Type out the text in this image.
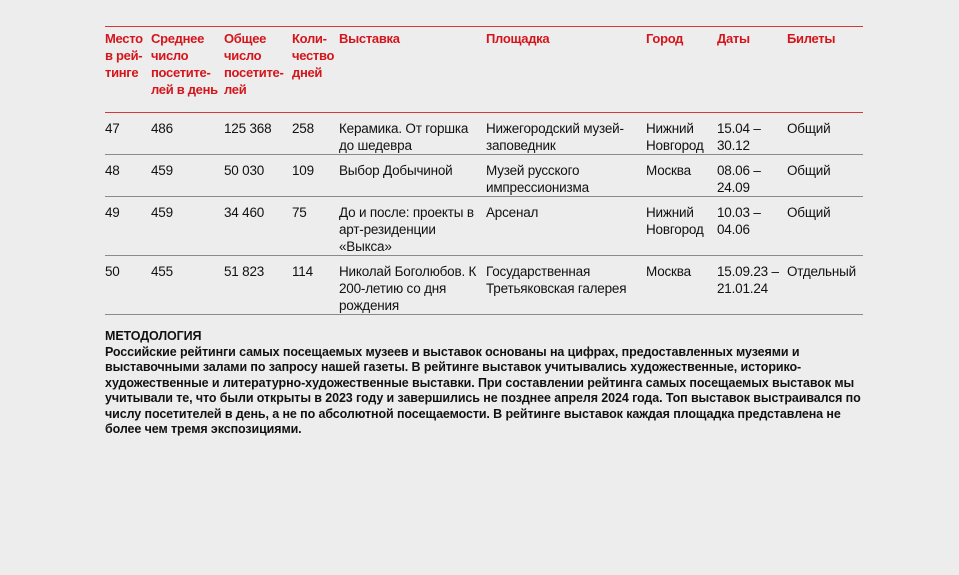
Место в рей-тинге	Среднее число посетите-лей в день	Общее число посетите-лей	Коли-чество дней	Выставка	Площадка	Город	Даты	Билеты
47	486	125 368	258	Керамика. От горшка до шедевра	Нижегородский музей-заповедник	Нижний Новгород	15.04 – 30.12	Общий
48	459	50 030	109	Выбор Добычиной	Музей русского импрессионизма	Москва	08.06 – 24.09	Общий
49	459	34 460	75	До и после: проекты в арт-резиденции «Выкса»	Арсенал	Нижний Новгород	10.03 – 04.06	Общий
50	455	51 823	114	Николай Боголюбов. К 200-летию со дня рождения	Государственная Третьяковская галерея	Москва	15.09.23 – 21.01.24	Отдельный
МЕТОДОЛОГИЯ
Российские рейтинги самых посещаемых музеев и выставок основаны на цифрах, предоставленных музеями и выставочными залами по запросу нашей газеты. В рейтинге выставок учитывались художественные, историко-художественные и литературно-художественные выставки. При составлении рейтинга самых посещаемых выставок мы учитывали те, что были открыты в 2023 году и завершились не позднее апреля 2024 года. Топ выставок выстраивался по числу посетителей в день, а не по абсолютной посещаемости. В рейтинге выставок каждая площадка представлена не более чем тремя экспозициями.
